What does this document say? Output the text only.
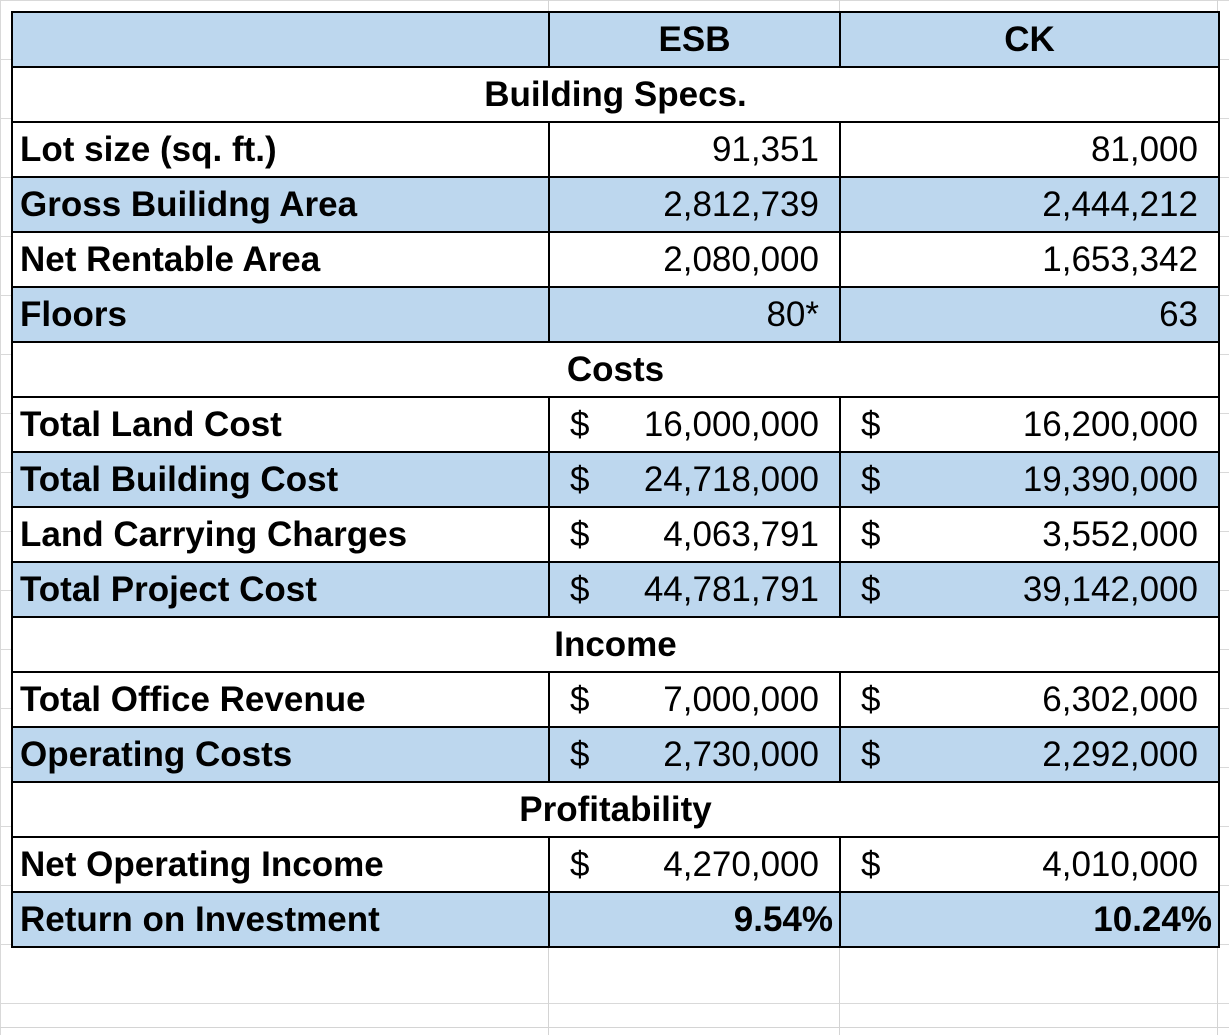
	ESB	CK
Building Specs.		
Lot size (sq. ft.)	91,351	81,000
Gross Builidng Area	2,812,739	2,444,212
Net Rentable Area	2,080,000	1,653,342
Floors	80*	63
Costs		
Total Land Cost	$ 16,000,000	$ 16,200,000

Total Building Cost	$ 24,718,000	$ 19,390,000

Land Carrying Charges	$ 4,063,791	$ 3,552,000

Total Project Cost	$ 44,781,791	$ 39,142,000

Income		
Total Office Revenue	$ 7,000,000	$ 6,302,000

Operating Costs	$ 2,730,000	$ 2,292,000

Profitability		
Net Operating Income	$ 4,270,000	$ 4,010,000

Return on Investment	9.54%	10.24%
